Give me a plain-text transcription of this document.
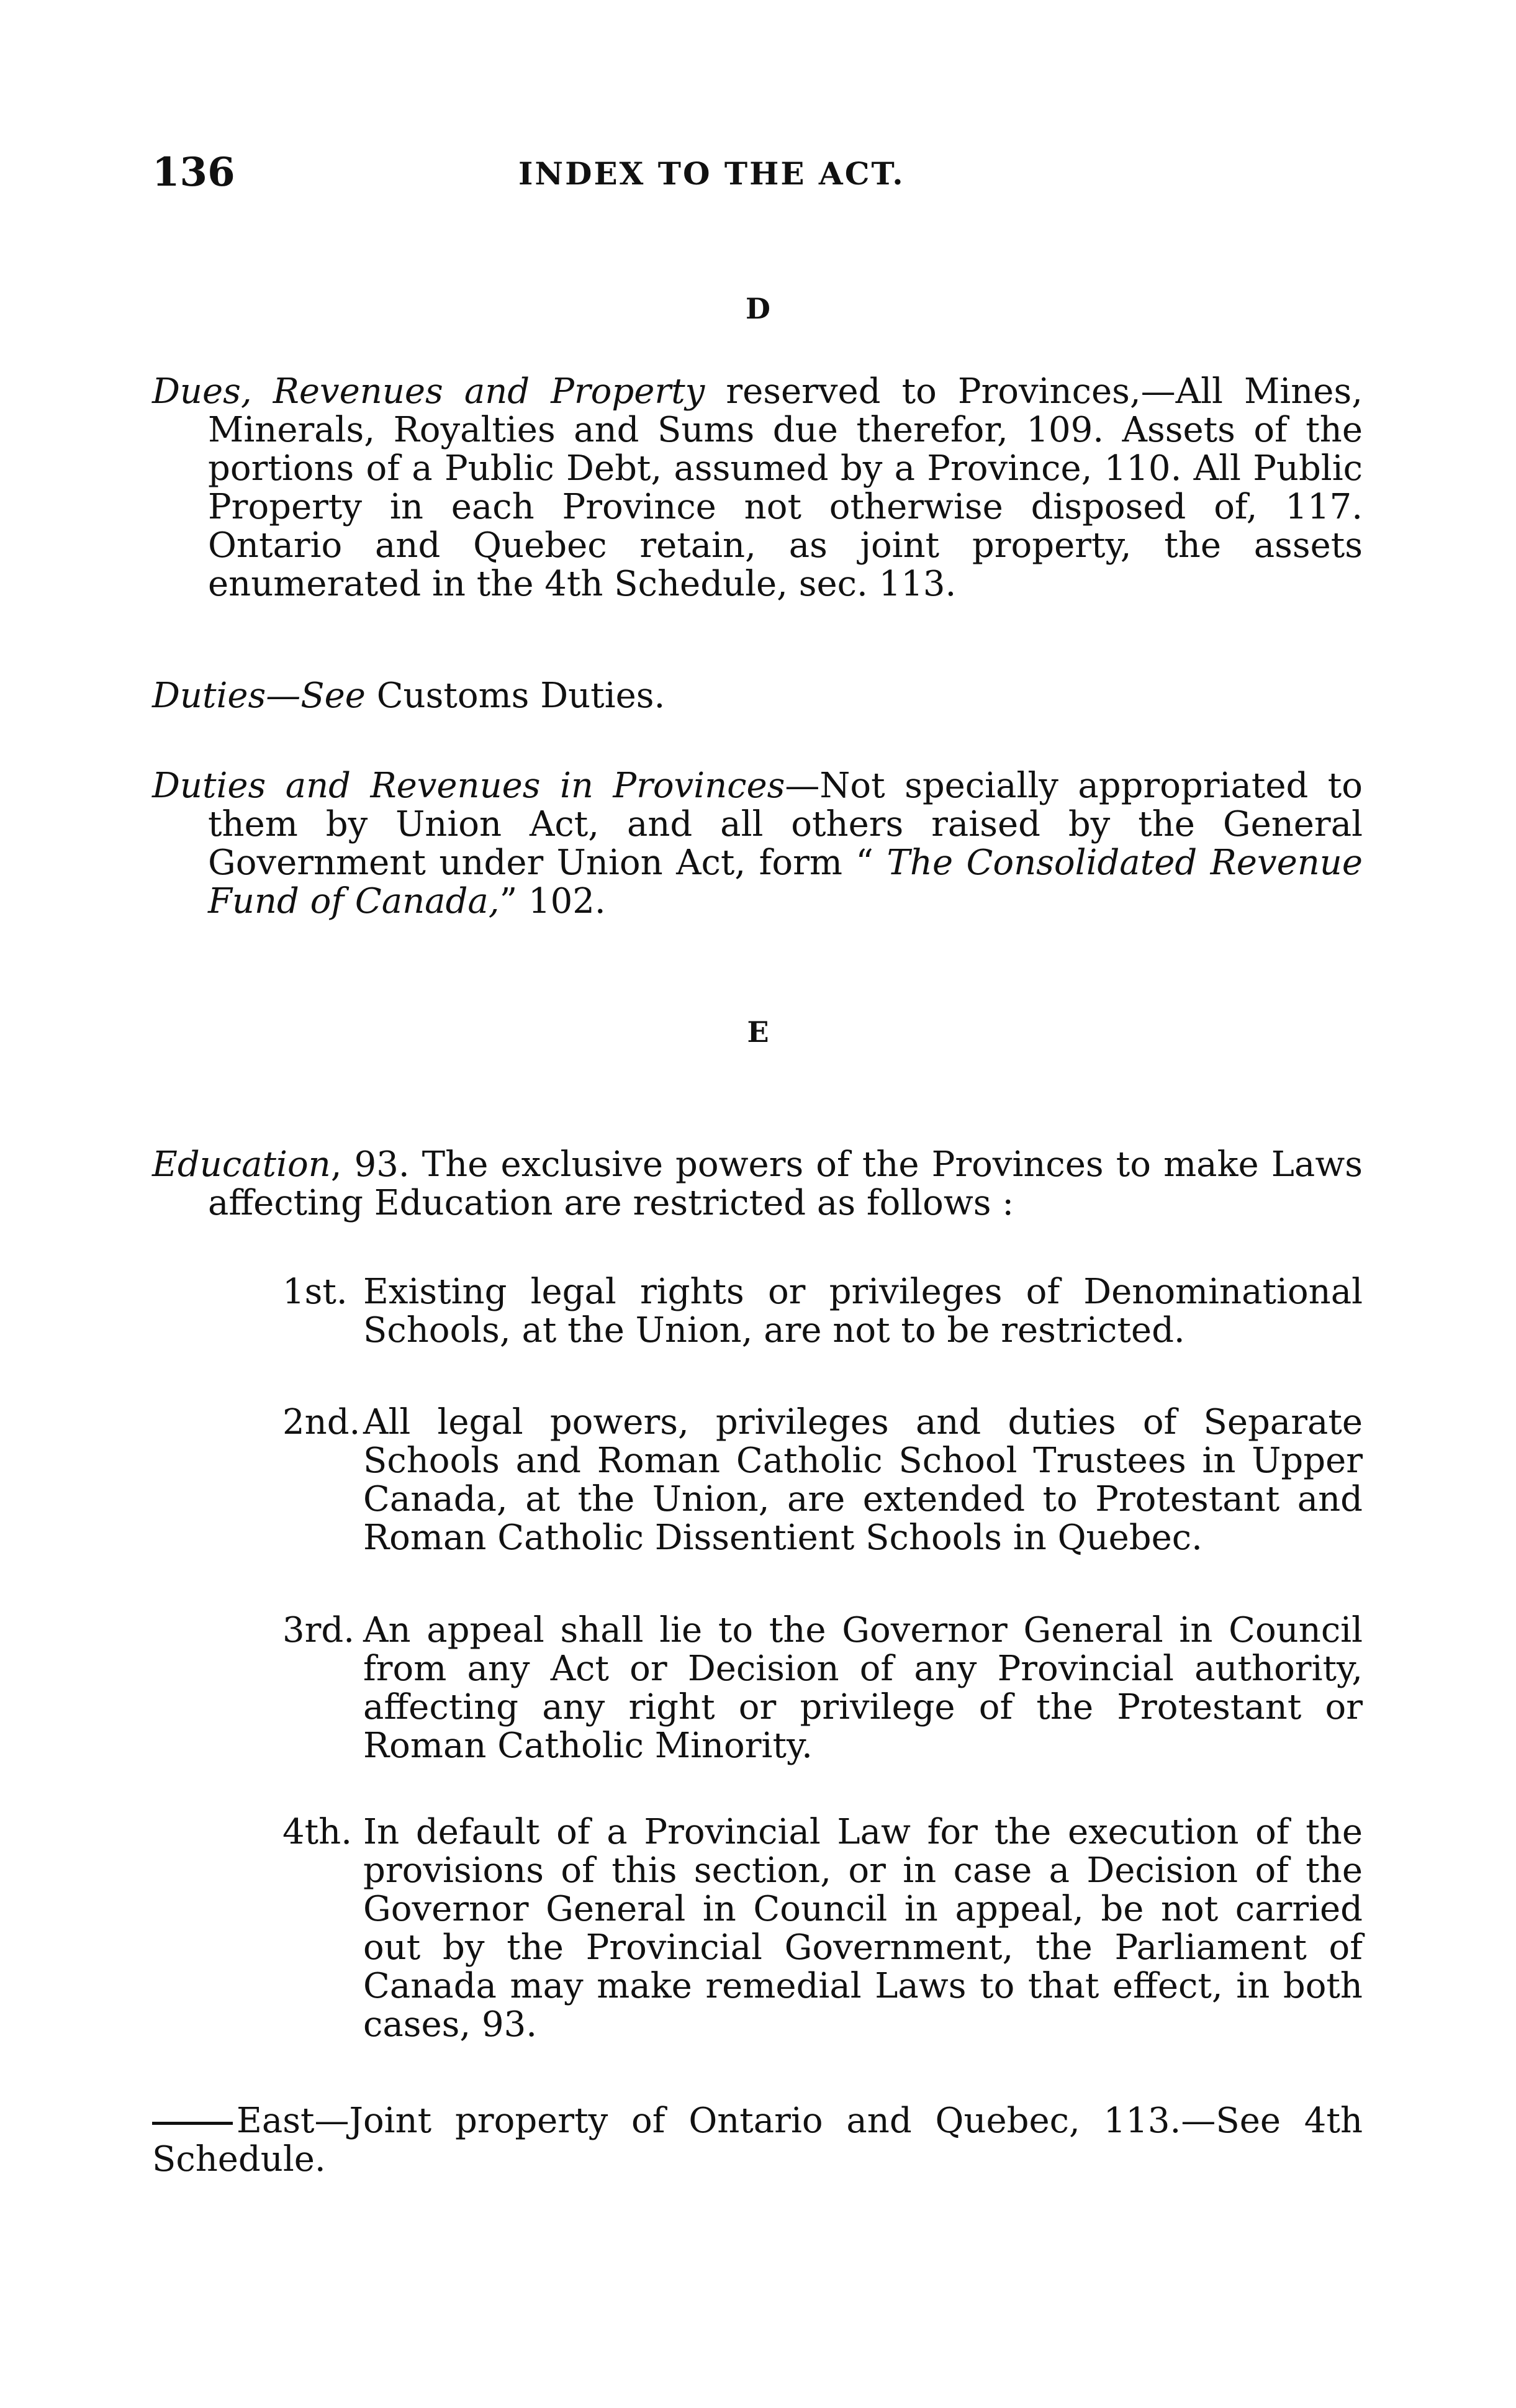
136	INDEX TO THE ACT.
D

Dues, Revenues and Property reserved to Provinces,—All Mines, Minerals, Royalties and Sums due therefor, 109. Assets of the portions of a Public Debt, assumed by a Province, 110. All Public Property in each Province not otherwise disposed of, 117. Ontario and Quebec retain, as joint property, the assets enumerated in the 4th Schedule, sec. 113.

Duties—See Customs Duties.

Duties and Revenues in Provinces—Not specially appropriated to them by Union Act, and all others raised by the General Government under Union Act, form “ The Consolidated Revenue Fund of Canada,” 102.

E

Education, 93. The exclusive powers of the Provinces to make Laws affecting Education are restricted as follows :

1st. Existing legal rights or privileges of Denominational Schools, at the Union, are not to be restricted.

2nd.All legal powers, privileges and duties of Separate Schools and Roman Catholic School Trustees in Upper Canada, at the Union, are extended to Protestant and Roman Catholic Dissentient Schools in Quebec.

3rd. An appeal shall lie to the Governor General in Council from any Act or Decision of any Provincial authority, affecting any right or privilege of the Protestant or Roman Catholic Minority.

4th. In default of a Provincial Law for the execution of the provisions of this section, or in case a Decision of the Governor General in Council in appeal, be not carried out by the Provincial Government, the Parliament of Canada may make remedial Laws to that effect, in both cases, 93.

East—Joint property of Ontario and Quebec, 113.—See 4th Schedule.
